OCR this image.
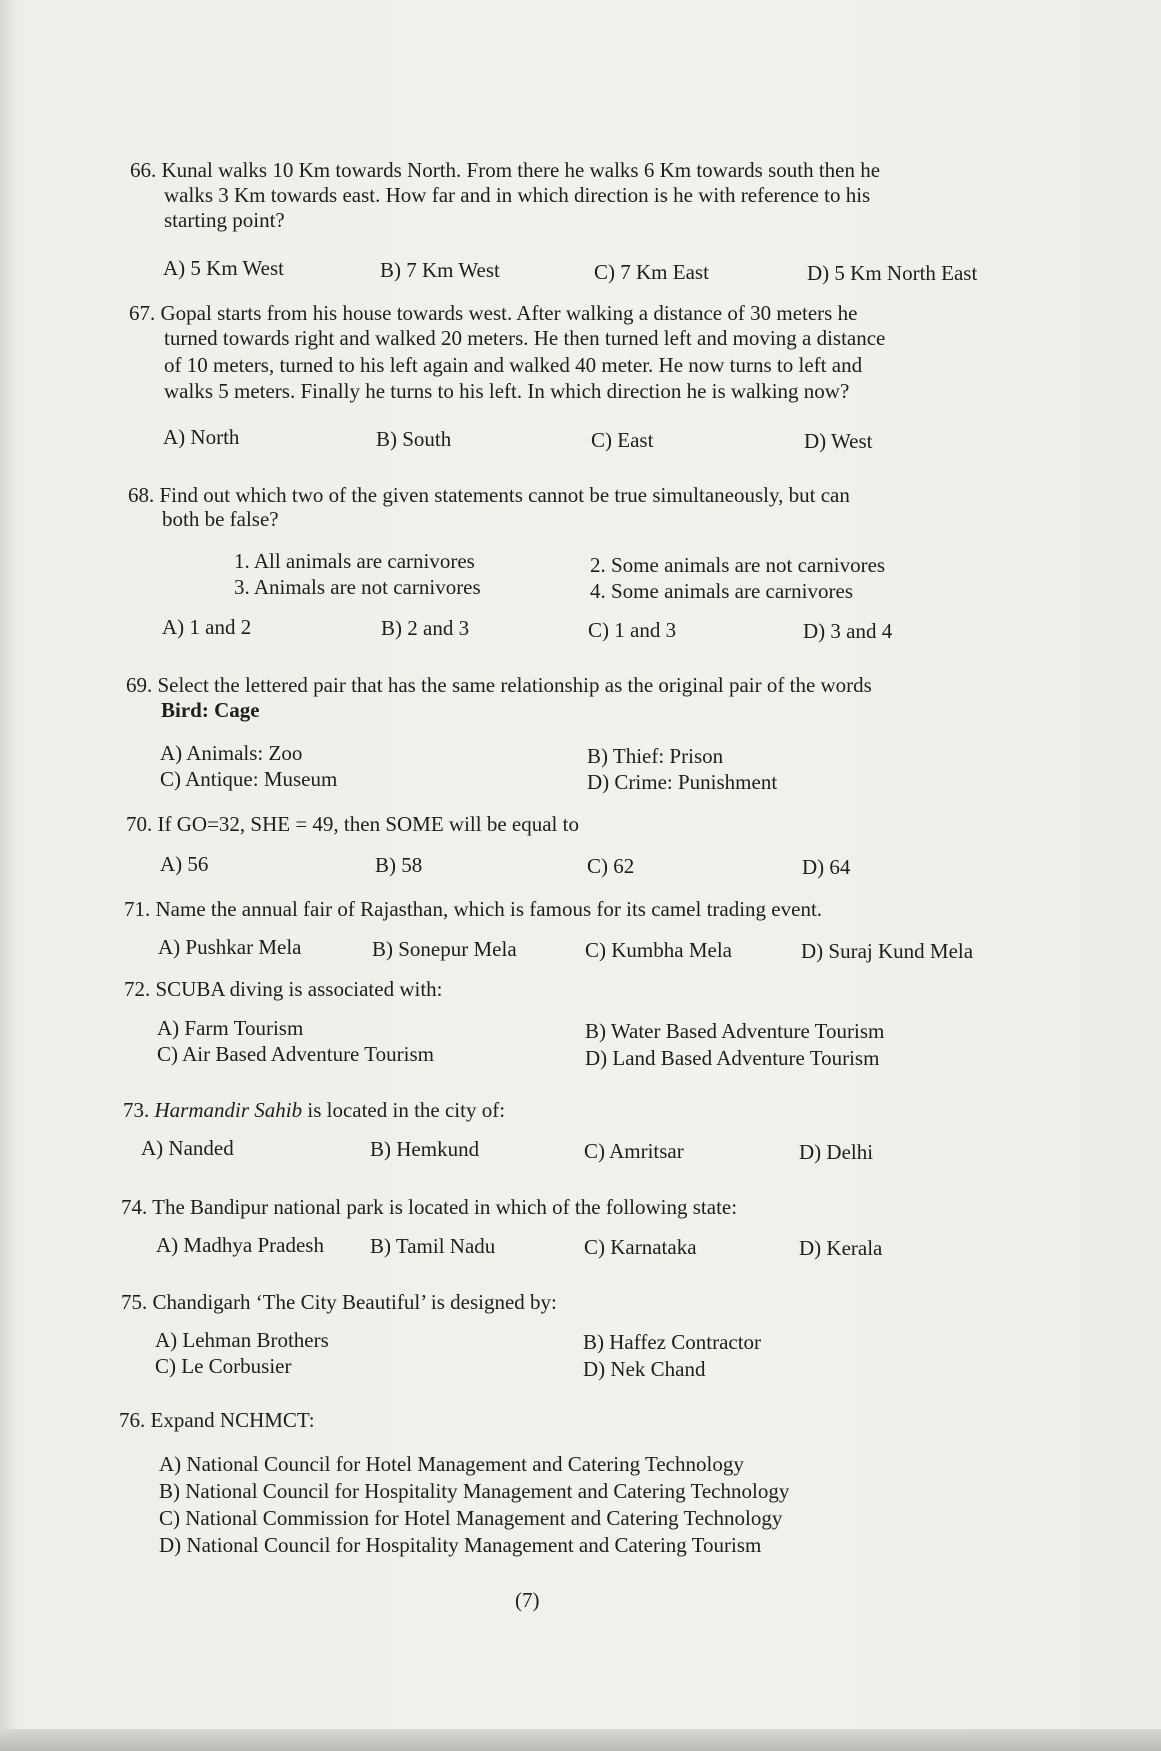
66. Kunal walks 10 Km towards North. From there he walks 6 Km towards south then he
walks 3 Km towards east. How far and in which direction is he with reference to his
starting point?
A) 5 Km West	B) 7 Km West	C) 7 Km East	D) 5 Km North East
67. Gopal starts from his house towards west. After walking a distance of 30 meters he
turned towards right and walked 20 meters. He then turned left and moving a distance
of 10 meters, turned to his left again and walked 40 meter. He now turns to left and
walks 5 meters. Finally he turns to his left. In which direction he is walking now?
A) North	B) South	C) East	D) West
68. Find out which two of the given statements cannot be true simultaneously, but can
both be false?
1. All animals are carnivores	2. Some animals are not carnivores
3. Animals are not carnivores	4. Some animals are carnivores
A) 1 and 2	B) 2 and 3	C) 1 and 3	D) 3 and 4
69. Select the lettered pair that has the same relationship as the original pair of the words
Bird: Cage
A) Animals: Zoo	B) Thief: Prison
C) Antique: Museum	D) Crime: Punishment
70. If GO=32, SHE = 49, then SOME will be equal to
A) 56	B) 58	C) 62	D) 64
71. Name the annual fair of Rajasthan, which is famous for its camel trading event.
A) Pushkar Mela	B) Sonepur Mela	C) Kumbha Mela	D) Suraj Kund Mela
72. SCUBA diving is associated with:
A) Farm Tourism	B) Water Based Adventure Tourism
C) Air Based Adventure Tourism	D) Land Based Adventure Tourism
73. Harmandir Sahib is located in the city of:
A) Nanded	B) Hemkund	C) Amritsar	D) Delhi
74. The Bandipur national park is located in which of the following state:
A) Madhya Pradesh B) Tamil Nadu	C) Karnataka	D) Kerala
75. Chandigarh ‘The City Beautiful’ is designed by:
A) Lehman Brothers	B) Haffez Contractor
C) Le Corbusier	D) Nek Chand
76. Expand NCHMCT:
A) National Council for Hotel Management and Catering Technology
B) National Council for Hospitality Management and Catering Technology
C) National Commission for Hotel Management and Catering Technology
D) National Council for Hospitality Management and Catering Tourism
(7)
